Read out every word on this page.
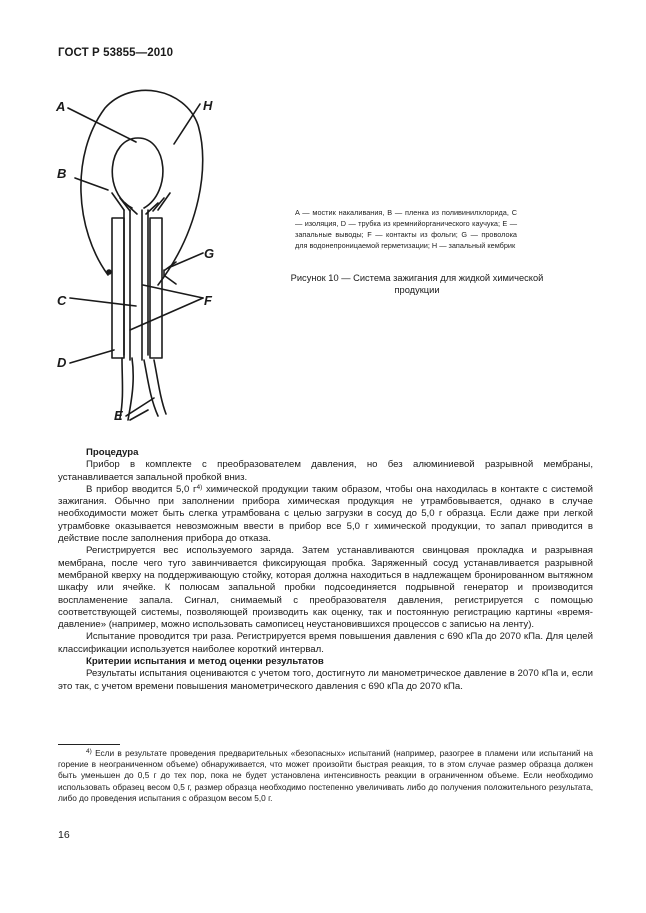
ГОСТ Р 53855—2010
A	H
B
G
C	F
D
E
A — мостик накаливания, B — пленка из поливинилхлорида, C — изоляция, D — трубка из кремнийорганического каучука; E — запальные выводы; F — контакты из фольги; G — проволока для водонепроницаемой герметизации; H — запальный кембрик
Рисунок 10 — Система зажигания для жидкой химической продукции

Процедура

Прибор в комплекте с преобразователем давления, но без алюминиевой разрывной мембраны, устанавливается запальной пробкой вниз.

В прибор вводится 5,0 $г^{4)}$ химической продукции таким образом, чтобы она находилась в контакте с системой зажигания. Обычно при заполнении прибора химическая продукция не утрамбовывается, однако в случае необходимости может быть слегка утрамбована с целью загрузки в сосуд до 5,0 г образца. Если даже при легкой утрамбовке оказывается невозможным ввести в прибор все 5,0 г химической продукции, то запал приводится в действие после заполнения прибора до отказа.

Регистрируется вес используемого заряда. Затем устанавливаются свинцовая прокладка и разрывная мембрана, после чего туго завинчивается фиксирующая пробка. Заряженный сосуд устанавливается разрывной мембраной кверху на поддерживающую стойку, которая должна находиться в надлежащем бронированном вытяжном шкафу или ячейке. К полюсам запальной пробки подсоединяется подрывной генератор и производится воспламенение запала. Сигнал, снимаемый с преобразователя давления, регистрируется с помощью соответствующей системы, позволяющей производить как оценку, так и постоянную регистрацию картины «время-давление» (например, можно использовать самописец неустановившихся процессов с записью на ленту).

Испытание проводится три раза. Регистрируется время повышения давления с 690 кПа до 2070 кПа. Для целей классификации используется наиболее короткий интервал.

Критерии испытания и метод оценки результатов

Результаты испытания оцениваются с учетом того, достигнуто ли манометрическое давление в 2070 кПа и, если это так, с учетом времени повышения манометрического давления с 690 кПа до 2070 кПа.

$^{4)}$ Если в результате проведения предварительных «безопасных» испытаний (например, разогрее в пламени или испытаний на горение в неограниченном объеме) обнаруживается, что может произойти быстрая реакция, то в этом случае размер образца должен быть уменьшен до 0,5 г до тех пор, пока не будет установлена интенсивность реакции в ограниченном объеме. Если необходимо использовать образец весом 0,5 г, размер образца необходимо постепенно увеличивать либо до получения положительного результата, либо до проведения испытания с образцом весом 5,0 г.
16
